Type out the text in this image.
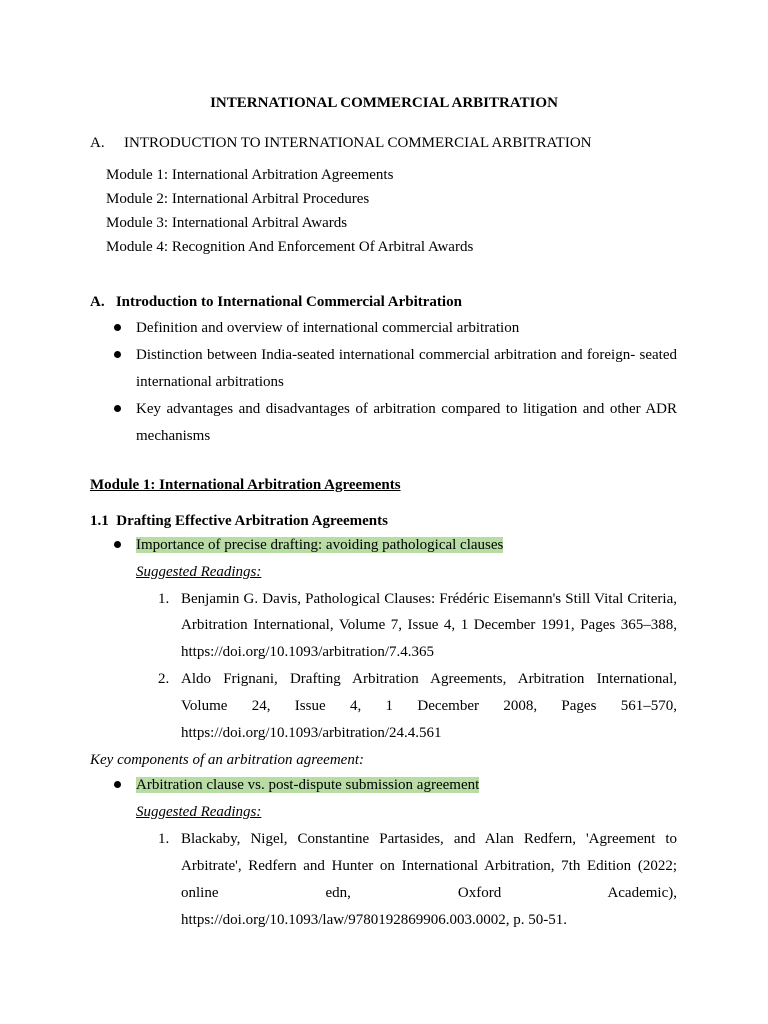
INTERNATIONAL COMMERCIAL ARBITRATION
A. INTRODUCTION TO INTERNATIONAL COMMERCIAL ARBITRATION
Module 1: International Arbitration Agreements
Module 2: International Arbitral Procedures
Module 3: International Arbitral Awards
Module 4: Recognition And Enforcement Of Arbitral Awards
A.   Introduction to International Commercial Arbitration
Definition and overview of international commercial arbitration
Distinction between India-seated international commercial arbitration and foreign- seated
international arbitrations
Key advantages and disadvantages of arbitration compared to litigation and other ADR
mechanisms
Module 1: International Arbitration Agreements
1.1  Drafting Effective Arbitration Agreements
Importance of precise drafting: avoiding pathological clauses
Suggested Readings:
1. Benjamin G. Davis, Pathological Clauses: Frédéric Eisemann's Still Vital Criteria,
Arbitration International, Volume 7, Issue 4, 1 December 1991, Pages 365–388,
https://doi.org/10.1093/arbitration/7.4.365
2. Aldo Frignani, Drafting Arbitration Agreements, Arbitration International,
Volume 24, Issue 4, 1 December 2008, Pages 561–570,
https://doi.org/10.1093/arbitration/24.4.561
Key components of an arbitration agreement:
Arbitration clause vs. post-dispute submission agreement
Suggested Readings:
1. Blackaby, Nigel, Constantine Partasides, and Alan Redfern, 'Agreement to
Arbitrate', Redfern and Hunter on International Arbitration, 7th Edition (2022;
online edn, Oxford Academic),
https://doi.org/10.1093/law/9780192869906.003.0002, p. 50-51.
